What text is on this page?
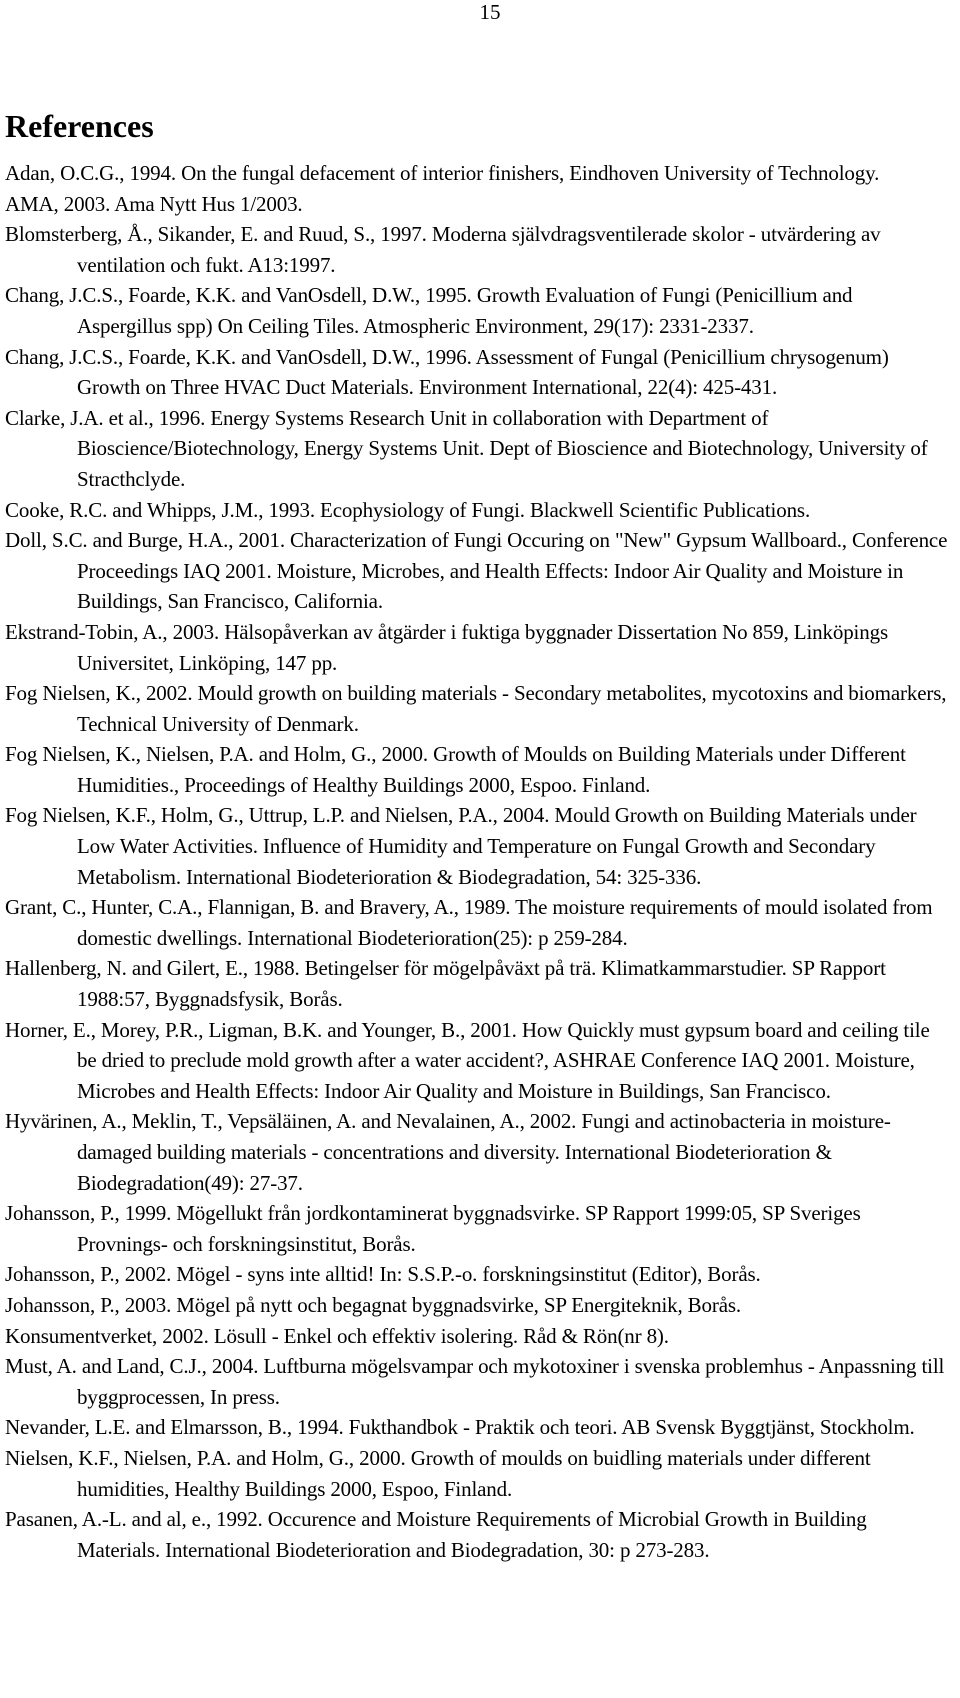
15
References
Adan, O.C.G., 1994. On the fungal defacement of interior finishers, Eindhoven University of Technology.
AMA, 2003. Ama Nytt Hus 1/2003.
Blomsterberg, Å., Sikander, E. and Ruud, S., 1997. Moderna självdragsventilerade skolor - utvärdering av ventilation och fukt. A13:1997.
Chang, J.C.S., Foarde, K.K. and VanOsdell, D.W., 1995. Growth Evaluation of Fungi (Penicillium and Aspergillus spp) On Ceiling Tiles. Atmospheric Environment, 29(17): 2331-2337.
Chang, J.C.S., Foarde, K.K. and VanOsdell, D.W., 1996. Assessment of Fungal (Penicillium chrysogenum) Growth on Three HVAC Duct Materials. Environment International, 22(4): 425-431.
Clarke, J.A. et al., 1996. Energy Systems Research Unit in collaboration with Department of Bioscience/Biotechnology, Energy Systems Unit. Dept of Bioscience and Biotechnology, University of Stracthclyde.
Cooke, R.C. and Whipps, J.M., 1993. Ecophysiology of Fungi. Blackwell Scientific Publications.
Doll, S.C. and Burge, H.A., 2001. Characterization of Fungi Occuring on "New" Gypsum Wallboard., Conference Proceedings IAQ 2001. Moisture, Microbes, and Health Effects: Indoor Air Quality and Moisture in Buildings, San Francisco, California.
Ekstrand-Tobin, A., 2003. Hälsopåverkan av åtgärder i fuktiga byggnader Dissertation No 859, Linköpings Universitet, Linköping, 147 pp.
Fog Nielsen, K., 2002. Mould growth on building materials - Secondary metabolites, mycotoxins and biomarkers, Technical University of Denmark.
Fog Nielsen, K., Nielsen, P.A. and Holm, G., 2000. Growth of Moulds on Building Materials under Different Humidities., Proceedings of Healthy Buildings 2000, Espoo. Finland.
Fog Nielsen, K.F., Holm, G., Uttrup, L.P. and Nielsen, P.A., 2004. Mould Growth on Building Materials under Low Water Activities. Influence of Humidity and Temperature on Fungal Growth and Secondary Metabolism. International Biodeterioration & Biodegradation, 54: 325-336.
Grant, C., Hunter, C.A., Flannigan, B. and Bravery, A., 1989. The moisture requirements of mould isolated from domestic dwellings. International Biodeterioration(25): p 259-284.
Hallenberg, N. and Gilert, E., 1988. Betingelser för mögelpåväxt på trä. Klimatkammarstudier. SP Rapport 1988:57, Byggnadsfysik, Borås.
Horner, E., Morey, P.R., Ligman, B.K. and Younger, B., 2001. How Quickly must gypsum board and ceiling tile be dried to preclude mold growth after a water accident?, ASHRAE Conference IAQ 2001. Moisture, Microbes and Health Effects: Indoor Air Quality and Moisture in Buildings, San Francisco.
Hyvärinen, A., Meklin, T., Vepsäläinen, A. and Nevalainen, A., 2002. Fungi and actinobacteria in moisture-damaged building materials - concentrations and diversity. International Biodeterioration & Biodegradation(49): 27-37.
Johansson, P., 1999. Mögellukt från jordkontaminerat byggnadsvirke. SP Rapport 1999:05, SP Sveriges Provnings- och forskningsinstitut, Borås.
Johansson, P., 2002. Mögel - syns inte alltid! In: S.S.P.-o. forskningsinstitut (Editor), Borås.
Johansson, P., 2003. Mögel på nytt och begagnat byggnadsvirke, SP Energiteknik, Borås.
Konsumentverket, 2002. Lösull - Enkel och effektiv isolering. Råd & Rön(nr 8).
Must, A. and Land, C.J., 2004. Luftburna mögelsvampar och mykotoxiner i svenska problemhus - Anpassning till byggprocessen, In press.
Nevander, L.E. and Elmarsson, B., 1994. Fukthandbok - Praktik och teori. AB Svensk Byggtjänst, Stockholm.
Nielsen, K.F., Nielsen, P.A. and Holm, G., 2000. Growth of moulds on buidling materials under different humidities, Healthy Buildings 2000, Espoo, Finland.
Pasanen, A.-L. and al, e., 1992. Occurence and Moisture Requirements of Microbial Growth in Building Materials. International Biodeterioration and Biodegradation, 30: p 273-283.
